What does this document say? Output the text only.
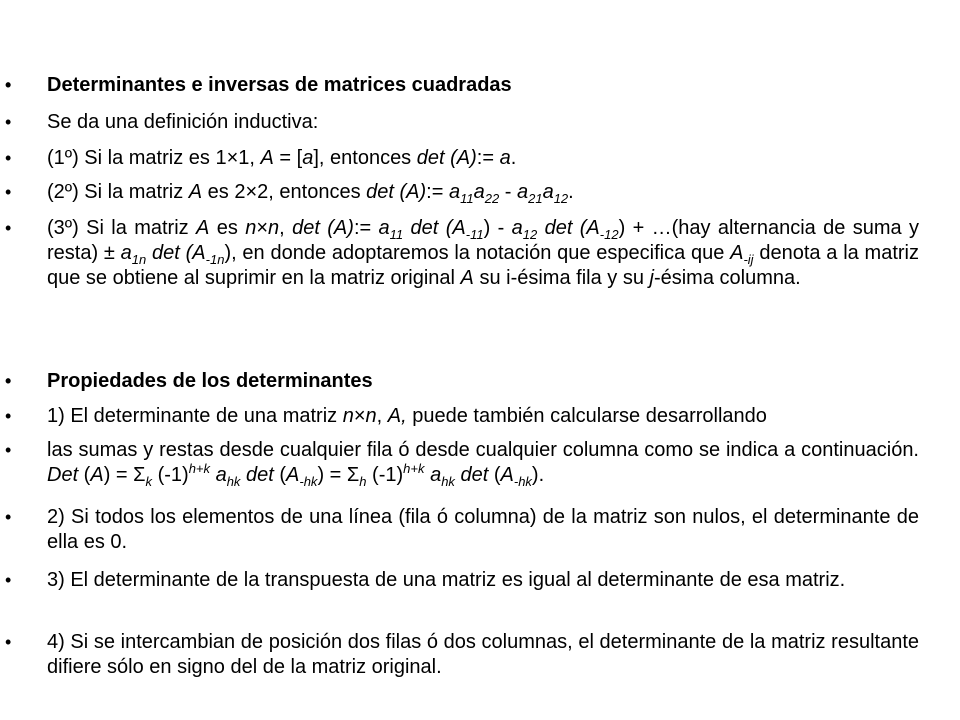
• Determinantes e inversas de matrices cuadradas
• Se da una definición inductiva:
• (1º) Si la matriz es 1×1, A = [a], entonces det (A):= a.
• (2º) Si la matriz A es 2×2, entonces det (A):= $a_{11}a_{22} - a_{21}a_{12}$.
• (3º) Si la matriz A es n×n, det (A):= $a_{11}$ $\det (A_{-11}) - a_{12}$ $\det (A_{-12})$ + …(hay alternancia de suma y resta) ± $a_{1n}$ $\det (A_{-1n})$, en donde adoptaremos la notación que especifica que $A_{-ij}$ denota a la matriz que se obtiene al suprimir en la matriz original A su i-ésima fila y su j-ésima columna.
• Propiedades de los determinantes
• 1) El determinante de una matriz n×n, A, puede también calcularse desarrollando
• las sumas y restas desde cualquier fila ó desde cualquier columna como se indica a continuación. Det $(A) = \Sigma_k$ $(-1)^{h+k}$ $a_{hk}$ $\det (A_{-hk}) = \Sigma_h$ $(-1)^{h+k}$ $a_{hk}$ $\det (A_{-hk})$.
• 2) Si todos los elementos de una línea (fila ó columna) de la matriz son nulos, el determinante de ella es 0.
• 3) El determinante de la transpuesta de una matriz es igual al determinante de esa matriz.
• 4) Si se intercambian de posición dos filas ó dos columnas, el determinante de la matriz resultante difiere sólo en signo del de la matriz original.
